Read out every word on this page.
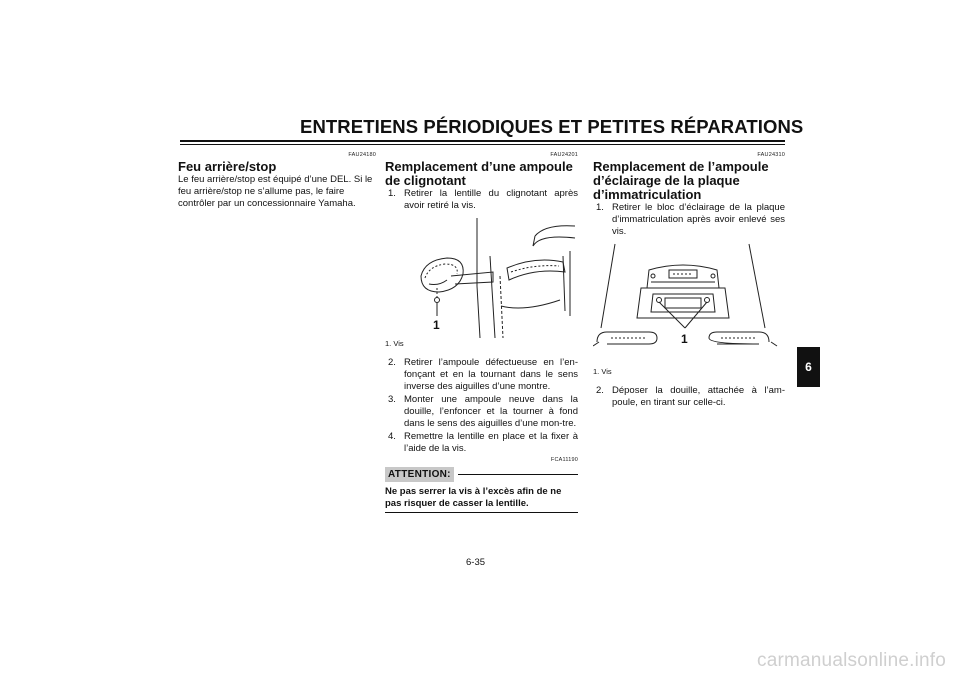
ENTRETIENS PÉRIODIQUES ET PETITES RÉPARATIONS
FAU24180
Feu arrière/stop

Le feu arrière/stop est équipé d’une DEL. Si le feu arrière/stop ne s’allume pas, le faire contrôler par un concessionnaire Yamaha.

FAU24201
Remplacement d’une ampoule
de clignotant
1. Retirer la lentille du clignotant après avoir retiré la vis.
1
1. Vis
2. Retirer l’ampoule défectueuse en l’en-fonçant et en la tournant dans le sens inverse des aiguilles d’une montre.
3. Monter une ampoule neuve dans la douille, l’enfoncer et la tourner à fond dans le sens des aiguilles d’une mon-tre.
4. Remettre la lentille en place et la fixer à l’aide de la vis.
FCA11190
ATTENTION:
Ne pas serrer la vis à l’excès afin de ne pas risquer de casser la lentille.
FAU24310
Remplacement de l’ampoule
d’éclairage de la plaque
d’immatriculation
1. Retirer le bloc d’éclairage de la plaque d’immatriculation après avoir enlevé ses vis.
1
1. Vis
2. Déposer la douille, attachée à l’am-poule, en tirant sur celle-ci.
6-35
6
carmanualsonline.info
